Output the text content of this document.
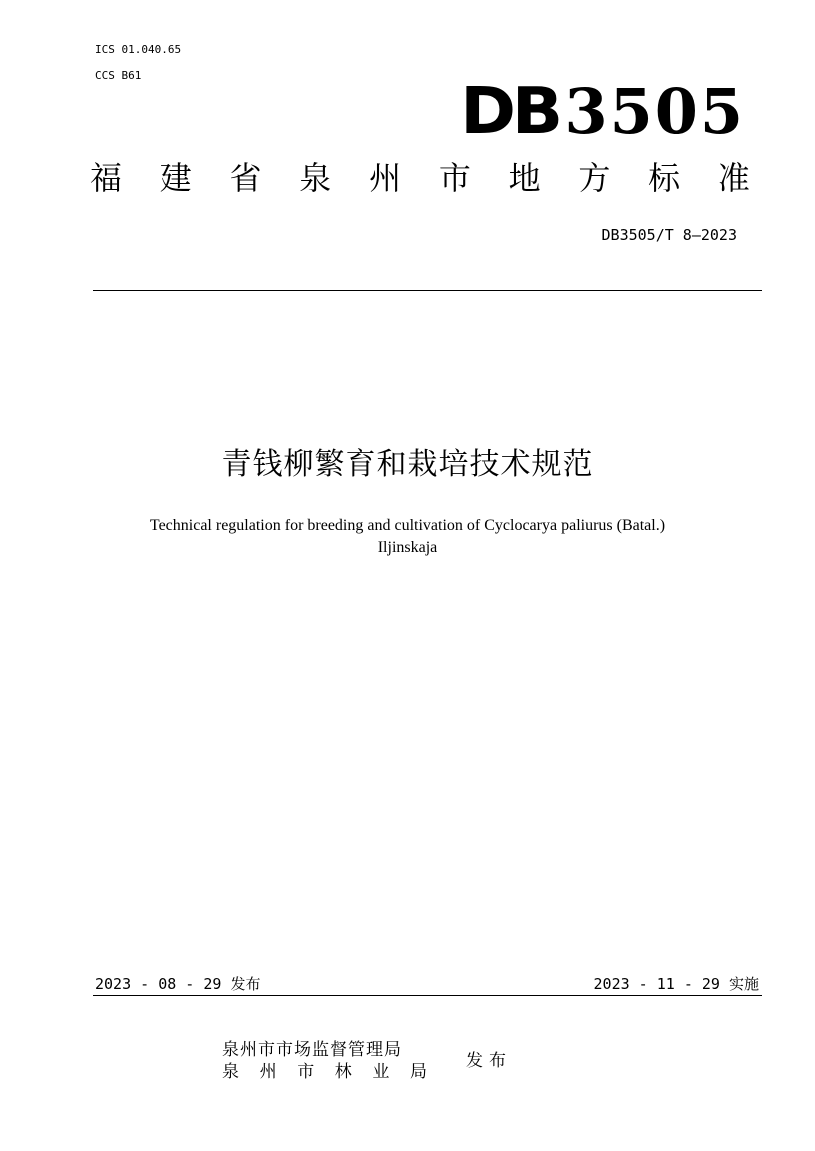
ICS 01.040.65
CCS B61	DB 3505
福 建 省 泉 州 市 地 方 标 准
DB3505/T 8—2023
青钱柳繁育和栽培技术规范
Technical regulation for breeding and cultivation of Cyclocarya paliurus (Batal.)
Iljinskaja
2023 - 08 - 29 发布	2023 - 11 - 29 实施
泉州市市场监督管理局
泉 州 市 林 业 局
发布
